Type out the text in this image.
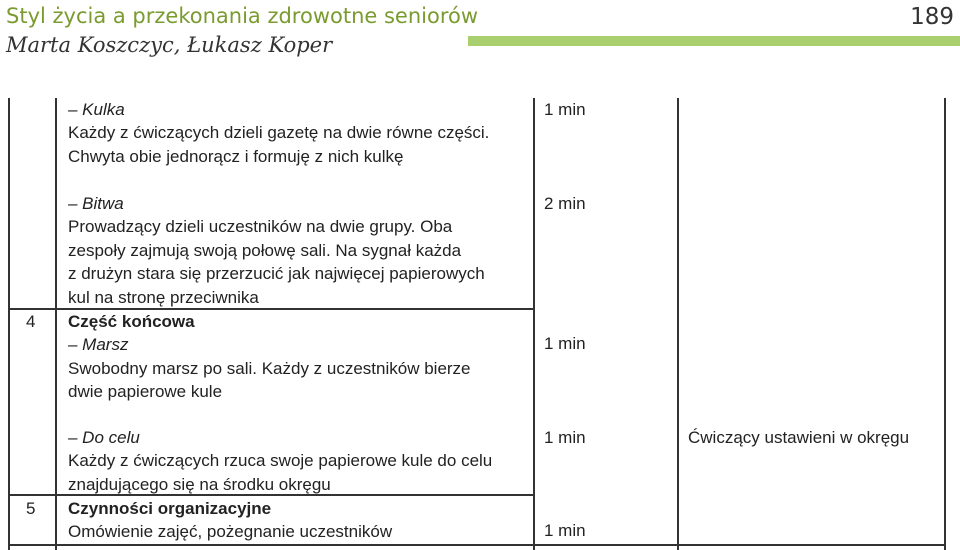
Styl życia a przekonania zdrowotne seniorów
Marta Koszczyc, Łukasz Koper
189
– Kulka
Każdy z ćwiczących dzieli gazetę na dwie równe części.
Chwyta obie jednorącz i formuję z nich kulkę
1 min
– Bitwa
Prowadzący dzieli uczestników na dwie grupy. Oba
zespoły zajmują swoją połowę sali. Na sygnał każda
z drużyn stara się przerzucić jak najwięcej papierowych
kul na stronę przeciwnika
2 min
4 Część końcowa
– Marsz
Swobodny marsz po sali. Każdy z uczestników bierze
dwie papierowe kule
1 min
– Do celu
Każdy z ćwiczących rzuca swoje papierowe kule do celu
znajdującego się na środku okręgu
1 min	Ćwiczący ustawieni w okręgu
5 Czynności organizacyjne
Omówienie zajęć, pożegnanie uczestników	1 min
